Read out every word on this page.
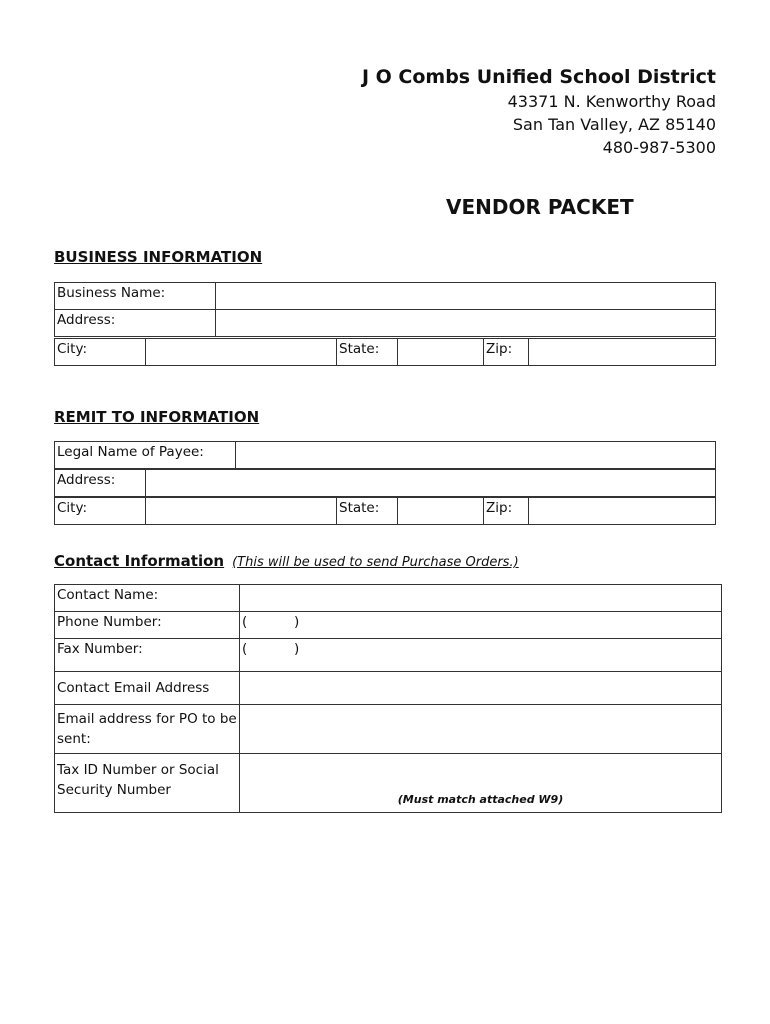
J O Combs Unified School District
43371 N. Kenworthy Road
San Tan Valley, AZ 85140
480-987-5300
VENDOR PACKET
BUSINESS INFORMATION
Business Name:	
Address:	
City:		State:		Zip:	
REMIT TO INFORMATION
Legal Name of Payee:	
Address:	
City:		State:		Zip:	
Contact Information (This will be used to send Purchase Orders.)
Contact Name:	
Phone Number:	( )
Fax Number:	( )
Contact Email Address	
Email address for PO to be sent:	
Tax ID Number or Social Security Number	(Must match attached W9)
